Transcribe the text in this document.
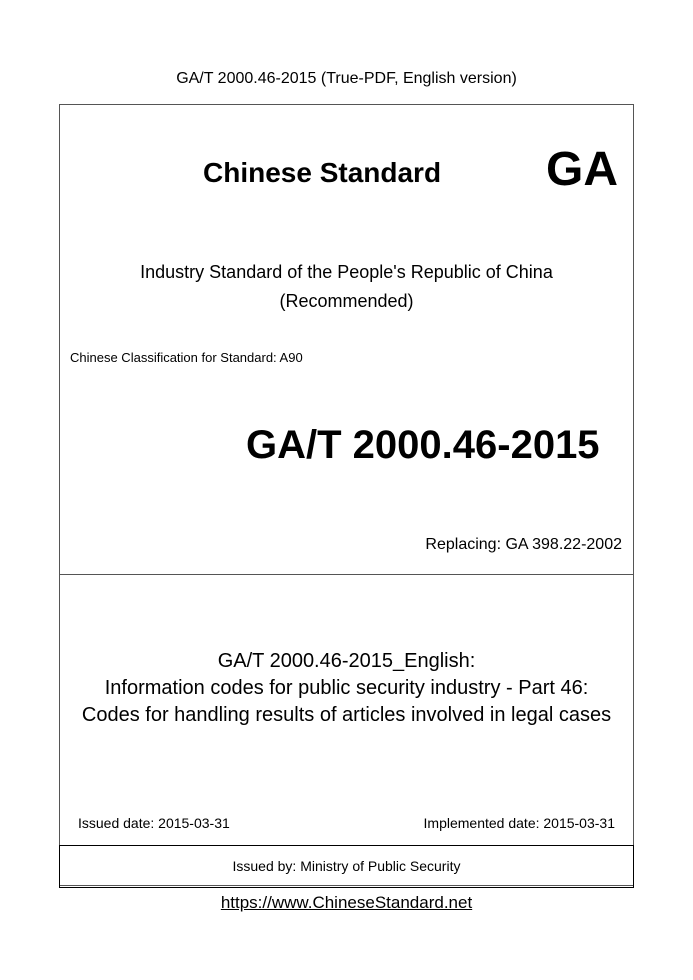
GA/T 2000.46-2015 (True-PDF, English version)
Chinese Standard GA
Industry Standard of the People's Republic of China
(Recommended)
Chinese Classification for Standard: A90
GA/T 2000.46-2015
Replacing: GA 398.22-2002
GA/T 2000.46-2015_English:
Information codes for public security industry - Part 46:
Codes for handling results of articles involved in legal cases
Issued date: 2015-03-31	Implemented date: 2015-03-31
Issued by: Ministry of Public Security
https://www.ChineseStandard.net
